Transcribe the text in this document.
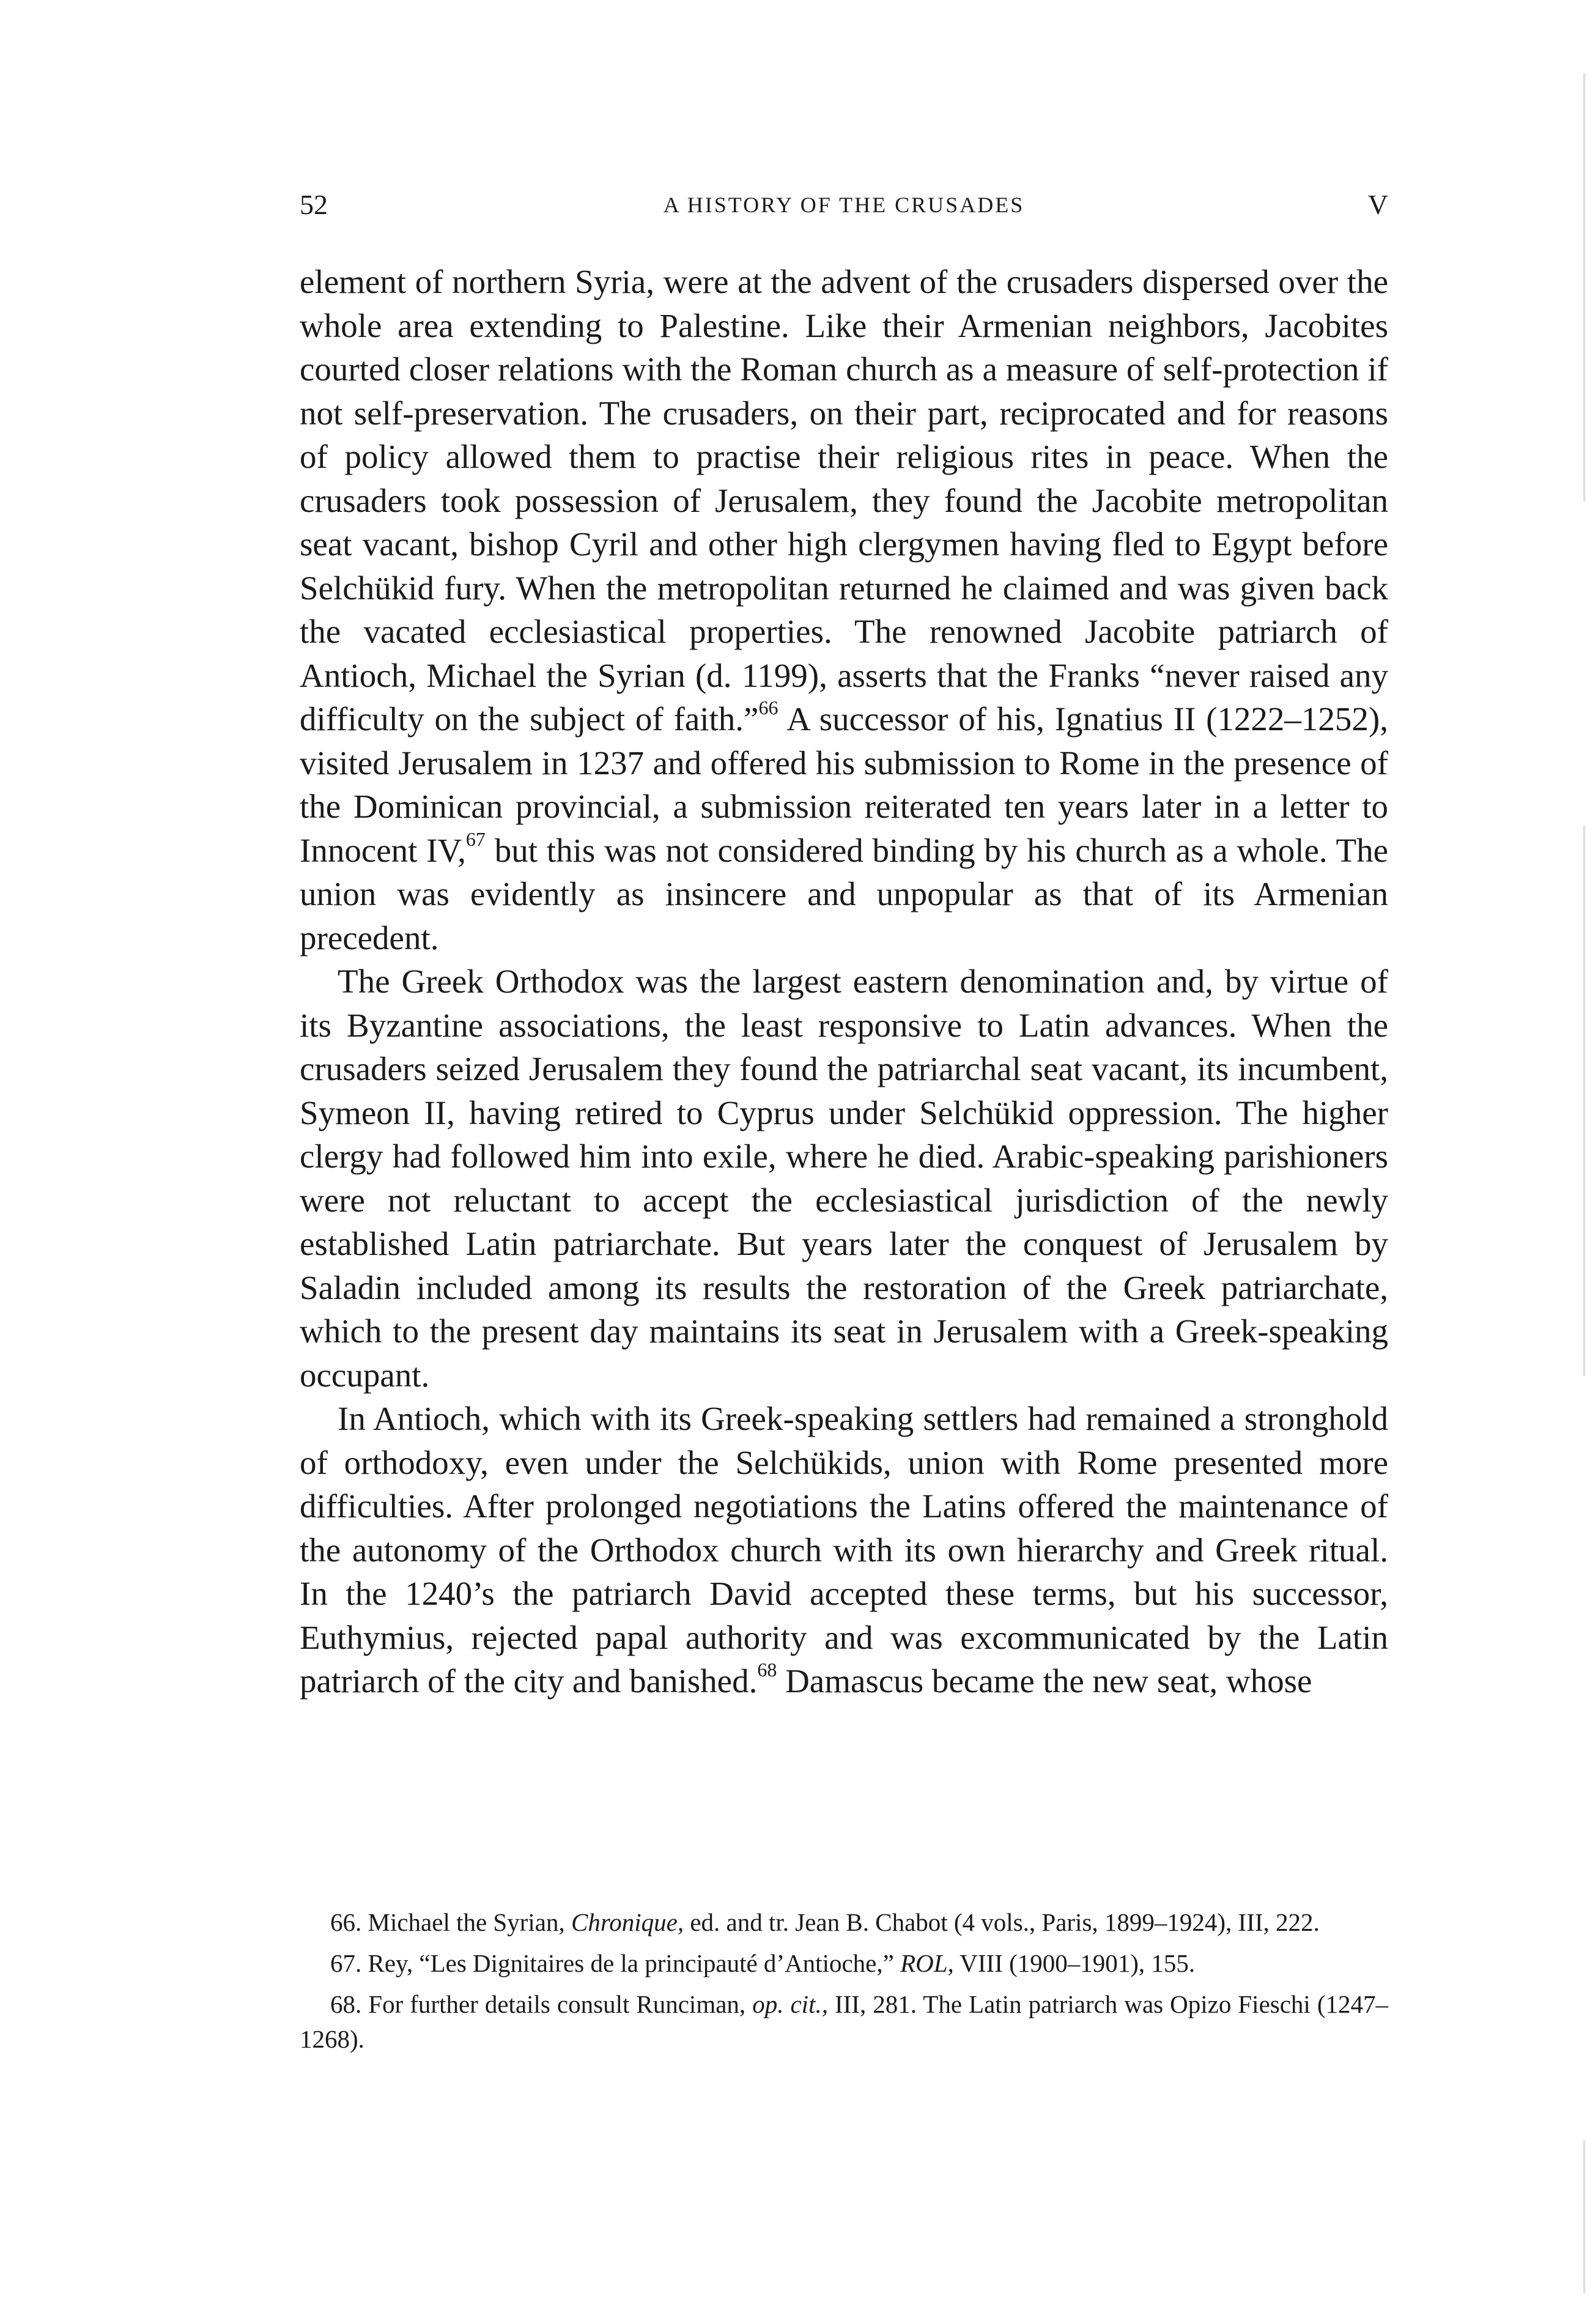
52	A HISTORY OF THE CRUSADES	V

element of northern Syria, were at the advent of the crusaders dispersed over the whole area extending to Palestine. Like their Armenian neighbors, Jacobites courted closer relations with the Roman church as a measure of self-protection if not self-preservation. The crusaders, on their part, reciprocated and for reasons of policy allowed them to practise their religious rites in peace. When the crusaders took possession of Jerusalem, they found the Jacobite metropolitan seat vacant, bishop Cyril and other high clergymen having fled to Egypt before Selchükid fury. When the metropolitan returned he claimed and was given back the vacated ecclesiastical properties. The renowned Jacobite patriarch of Antioch, Michael the Syrian (d. 1199), asserts that the Franks “never raised any difficulty on the subject of faith.”$^{66}$ A successor of his, Ignatius II (1222–1252), visited Jerusalem in 1237 and offered his submission to Rome in the presence of the Dominican provincial, a submission reiterated ten years later in a letter to Innocent IV,$^{67}$ but this was not considered binding by his church as a whole. The union was evidently as insincere and unpopular as that of its Armenian precedent.

The Greek Orthodox was the largest eastern denomination and, by virtue of its Byzantine associations, the least responsive to Latin advances. When the crusaders seized Jerusalem they found the patriarchal seat vacant, its incumbent, Symeon II, having retired to Cyprus under Selchükid oppression. The higher clergy had followed him into exile, where he died. Arabic-speaking parishioners were not reluctant to accept the ecclesiastical jurisdiction of the newly established Latin patriarchate. But years later the conquest of Jerusalem by Saladin included among its results the restoration of the Greek patriarchate, which to the present day maintains its seat in Jerusalem with a Greek-speaking occupant.

In Antioch, which with its Greek-speaking settlers had remained a stronghold of orthodoxy, even under the Selchükids, union with Rome presented more difficulties. After prolonged negotiations the Latins offered the maintenance of the autonomy of the Orthodox church with its own hierarchy and Greek ritual. In the 1240’s the patriarch David accepted these terms, but his successor, Euthymius, rejected papal authority and was excommunicated by the Latin patriarch of the city and banished.$^{68}$ Damascus became the new seat, whose

66. Michael the Syrian, Chronique, ed. and tr. Jean B. Chabot (4 vols., Paris, 1899–1924), III, 222.

67. Rey, “Les Dignitaires de la principauté d’Antioche,” ROL, VIII (1900–1901), 155.

68. For further details consult Runciman, op. cit., III, 281. The Latin patriarch was Opizo Fieschi (1247–1268).
